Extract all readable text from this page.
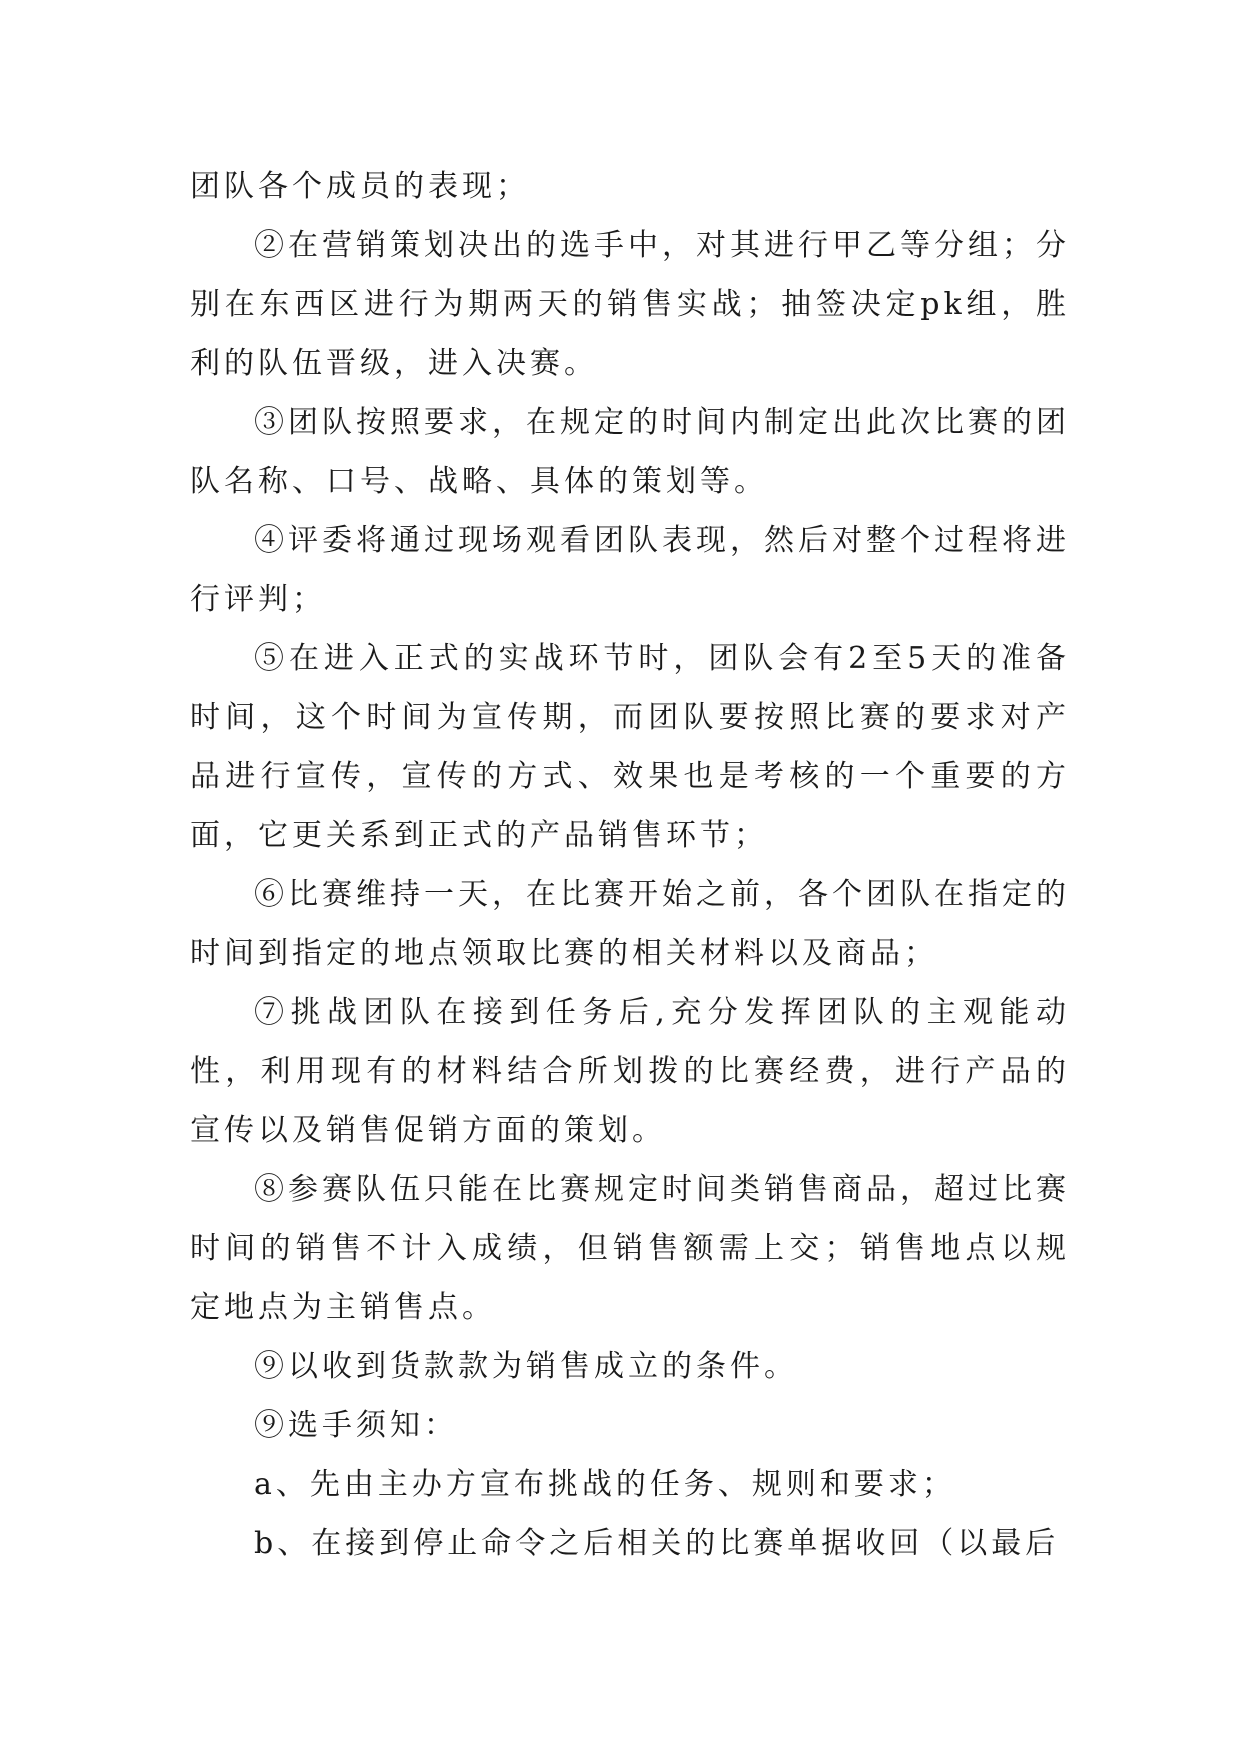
团队各个成员的表现；

②在营销策划决出的选手中，对其进行甲乙等分组；分别在东西区进行为期两天的销售实战；抽签决定pk组，胜利的队伍晋级，进入决赛。

③团队按照要求，在规定的时间内制定出此次比赛的团队名称、口号、战略、具体的策划等。

④评委将通过现场观看团队表现，然后对整个过程将进行评判；

⑤在进入正式的实战环节时，团队会有2至5天的准备时间，这个时间为宣传期，而团队要按照比赛的要求对产品进行宣传，宣传的方式、效果也是考核的一个重要的方面，它更关系到正式的产品销售环节；

⑥比赛维持一天，在比赛开始之前，各个团队在指定的时间到指定的地点领取比赛的相关材料以及商品；

⑦挑战团队在接到任务后,充分发挥团队的主观能动性，利用现有的材料结合所划拨的比赛经费，进行产品的宣传以及销售促销方面的策划。

⑧参赛队伍只能在比赛规定时间类销售商品，超过比赛时间的销售不计入成绩，但销售额需上交；销售地点以规定地点为主销售点。

⑨以收到货款款为销售成立的条件。

⑨选手须知：

a、先由主办方宣布挑战的任务、规则和要求；

b、在接到停止命令之后相关的比赛单据收回（以最后
